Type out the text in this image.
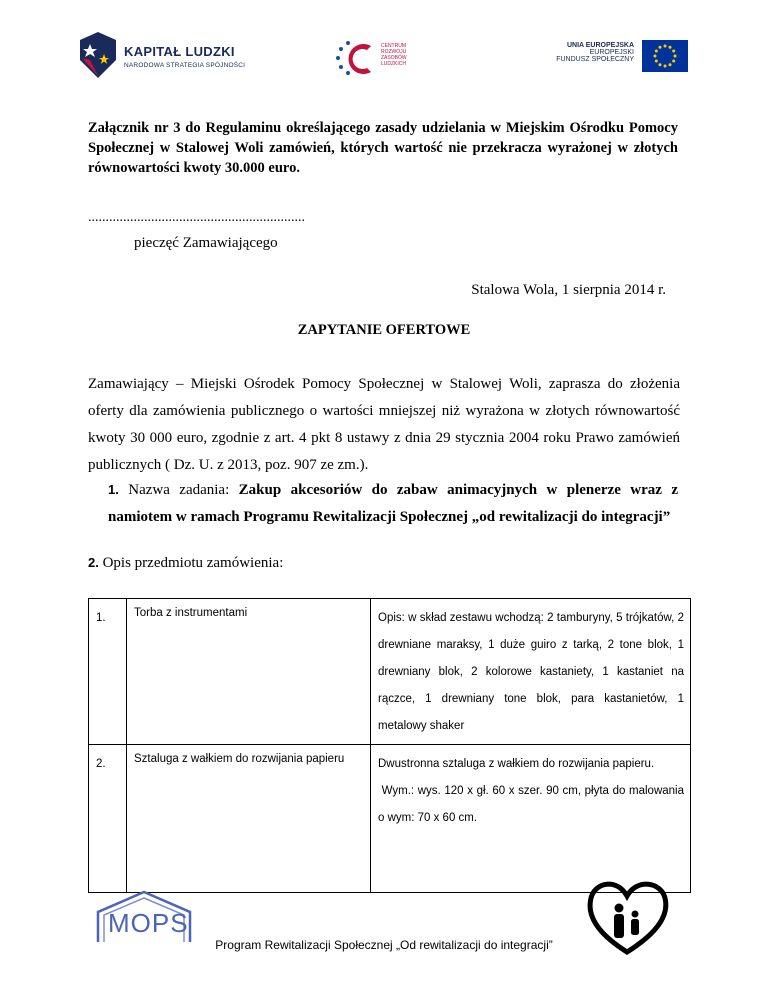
KAPITAŁ LUDZKI
NARODOWA STRATEGIA SPÓJNOŚCI
CENTRUM
ROZWOJU
ZASOBÓW
LUDZKICH
UNIA EUROPEJSKA
EUROPEJSKI
FUNDUSZ SPOŁECZNY
Załącznik nr 3 do Regulaminu określającego zasady udzielania w Miejskim Ośrodku Pomocy Społecznej w Stalowej Woli zamówień, których wartość nie przekracza wyrażonej w złotych równowartości kwoty 30.000 euro.
..............................................................
pieczęć Zamawiającego
Stalowa Wola, 1 sierpnia 2014 r.
ZAPYTANIE OFERTOWE
Zamawiający – Miejski Ośrodek Pomocy Społecznej w Stalowej Woli, zaprasza do złożenia oferty dla zamówienia publicznego o wartości mniejszej niż wyrażona w złotych równowartość kwoty 30 000 euro, zgodnie z art. 4 pkt 8 ustawy z dnia 29 stycznia 2004 roku Prawo zamówień publicznych ( Dz. U. z 2013, poz. 907 ze zm.).
1. Nazwa zadania: Zakup akcesoriów do zabaw animacyjnych w plenerze wraz z namiotem w ramach Programu Rewitalizacji Społecznej „od rewitalizacji do integracji”
2. Opis przedmiotu zamówienia:
1.	Torba z instrumentami	Opis: w skład zestawu wchodzą: 2 tamburyny, 5 trójkatów, 2 drewniane maraksy, 1 duże guiro z tarką, 2 tone blok, 1 drewniany blok, 2 kolorowe kastaniety, 1 kastaniet na rączce, 1 drewniany tone blok, para kastanietów, 1 metalowy shaker
2.	Sztaluga z wałkiem do rozwijania papieru	Dwustronna sztaluga z wałkiem do rozwijania papieru.
Wym.: wys. 120 x gł. 60 x szer. 90 cm, płyta do malowania o wym: 70 x 60 cm.
MOPS
Program Rewitalizacji Społecznej „Od rewitalizacji do integracji”
